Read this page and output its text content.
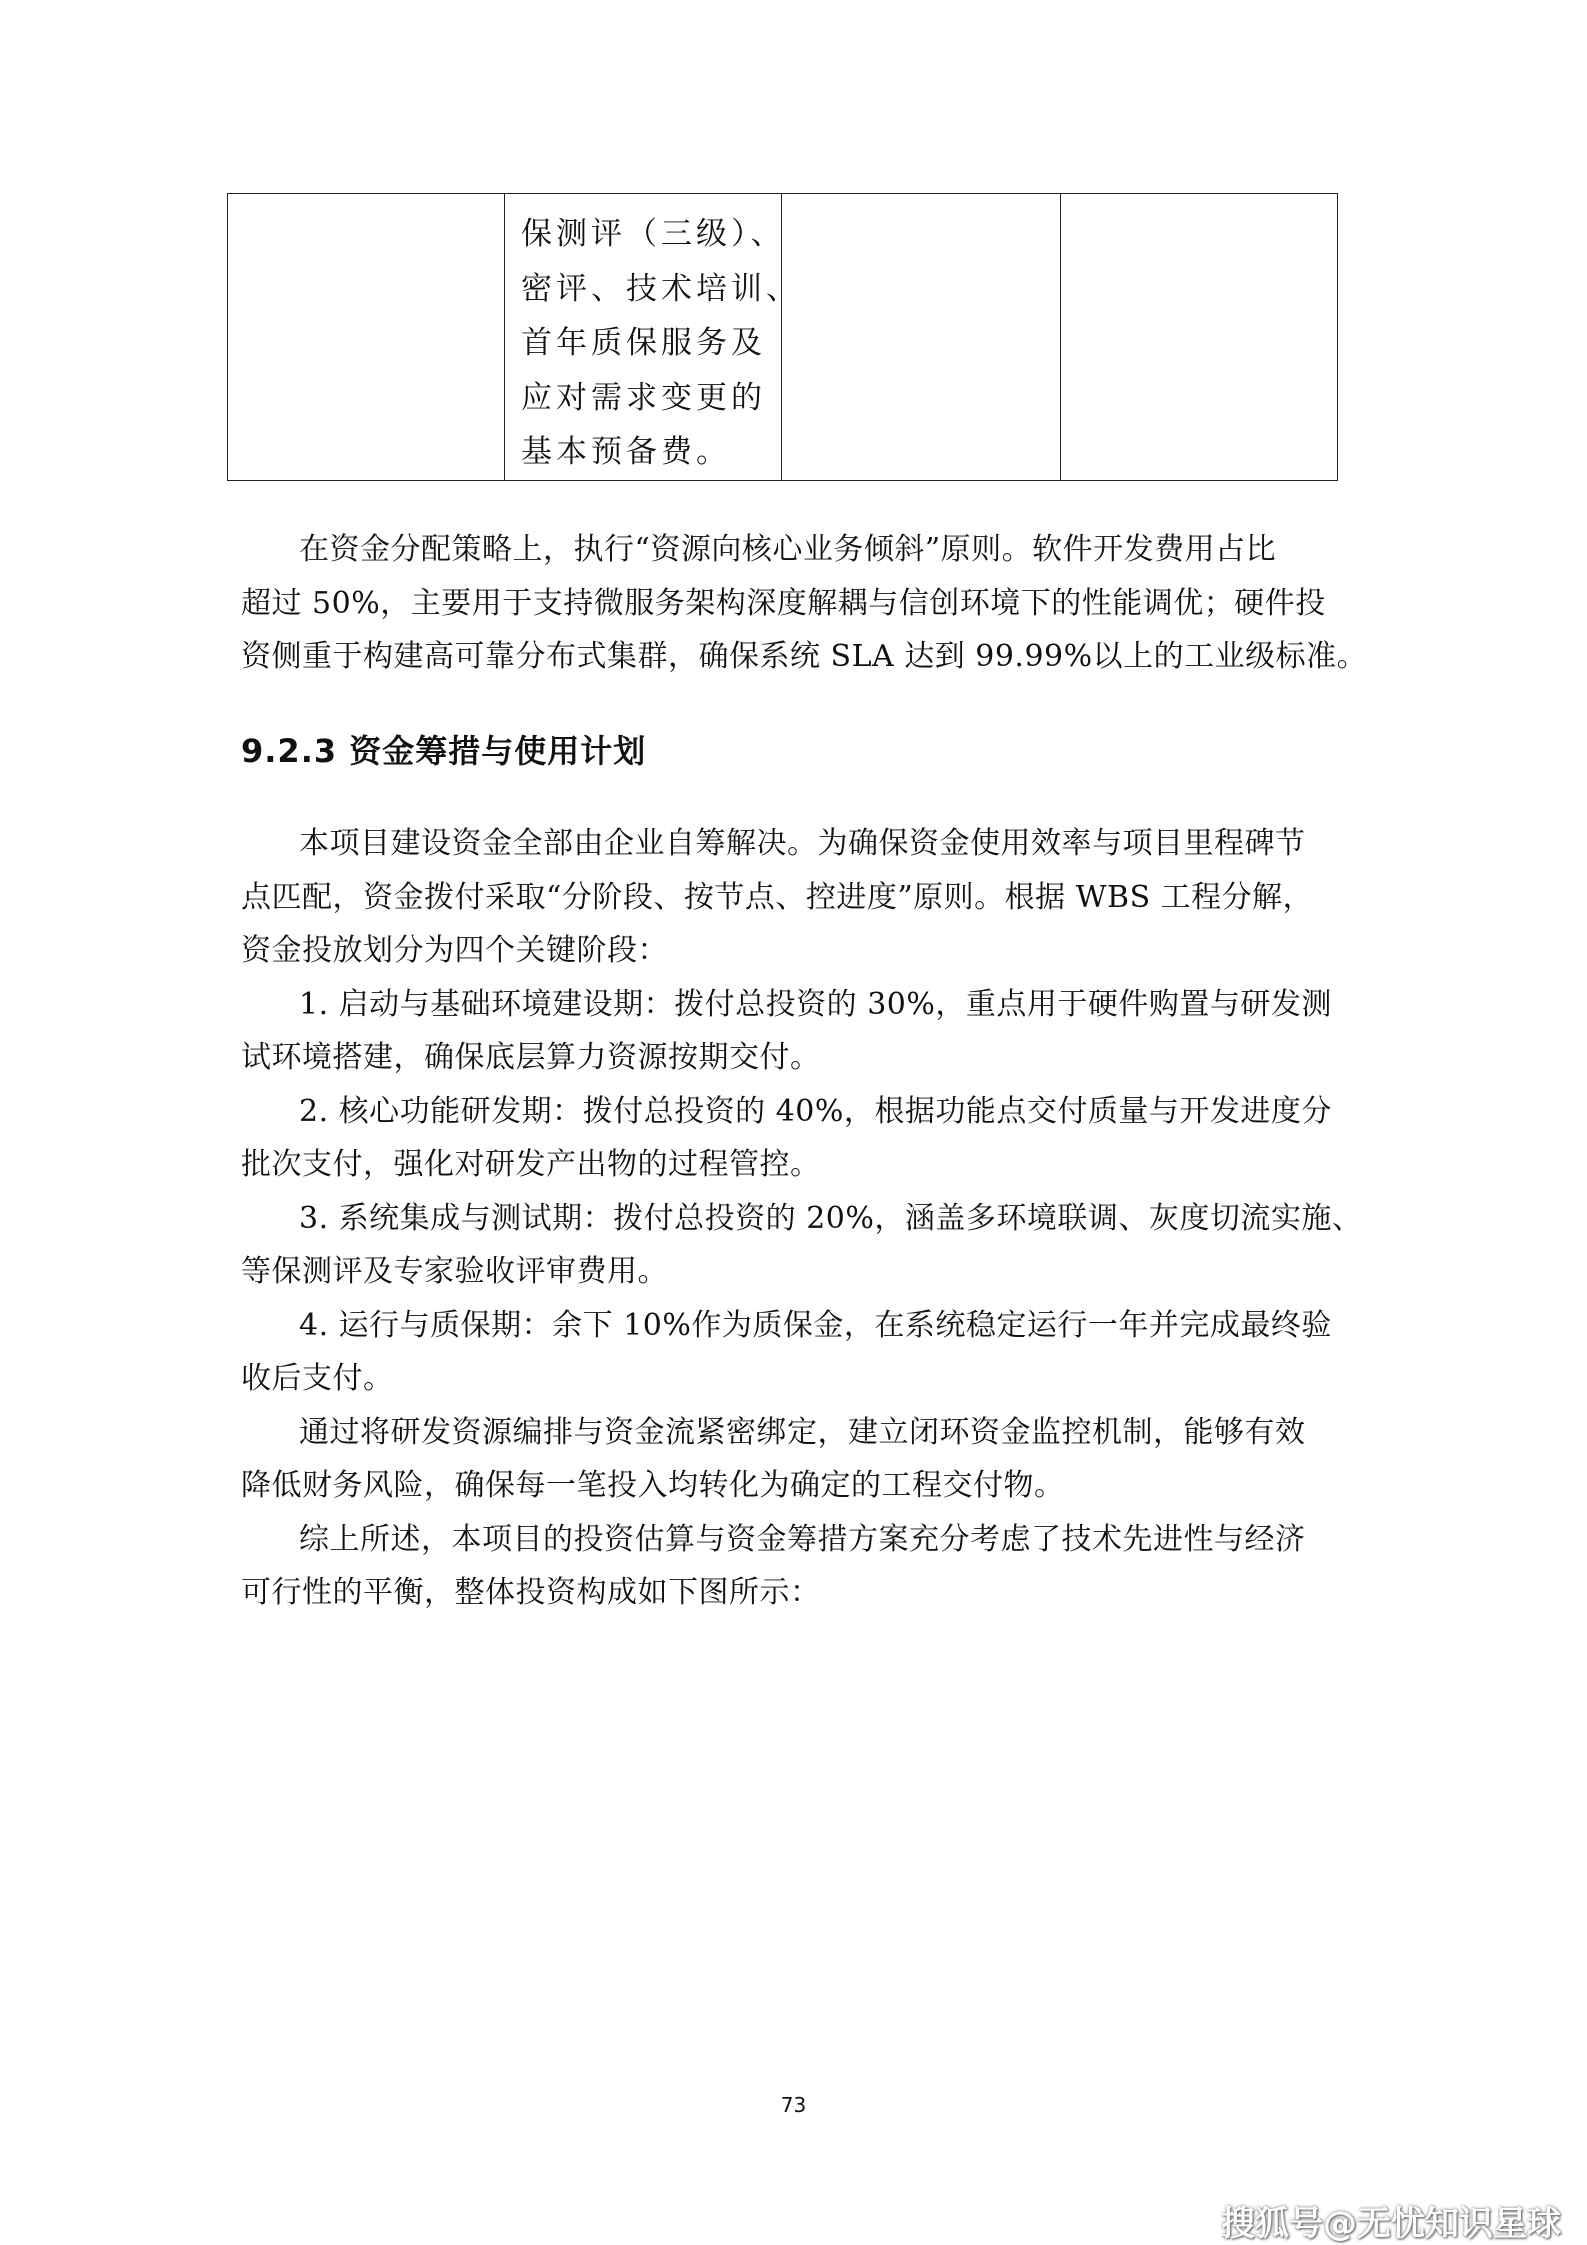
保测评（三级）、
密评、技术培训、
首年质保服务及
应对需求变更的
基本预备费。

在资金分配策略上，执行“资源向核心业务倾斜”原则。软件开发费用占比
超过 50%，主要用于支持微服务架构深度解耦与信创环境下的性能调优；硬件投
资侧重于构建高可靠分布式集群，确保系统 SLA 达到 99.99%以上的工业级标准。
9.2.3 资金筹措与使用计划
本项目建设资金全部由企业自筹解决。为确保资金使用效率与项目里程碑节
点匹配，资金拨付采取“分阶段、按节点、控进度”原则。根据 WBS 工程分解，
资金投放划分为四个关键阶段：
1. 启动与基础环境建设期：拨付总投资的 30%，重点用于硬件购置与研发测
试环境搭建，确保底层算力资源按期交付。
2. 核心功能研发期：拨付总投资的 40%，根据功能点交付质量与开发进度分
批次支付，强化对研发产出物的过程管控。
3. 系统集成与测试期：拨付总投资的 20%，涵盖多环境联调、灰度切流实施、
等保测评及专家验收评审费用。
4. 运行与质保期：余下 10%作为质保金，在系统稳定运行一年并完成最终验
收后支付。
通过将研发资源编排与资金流紧密绑定，建立闭环资金监控机制，能够有效
降低财务风险，确保每一笔投入均转化为确定的工程交付物。
综上所述，本项目的投资估算与资金筹措方案充分考虑了技术先进性与经济
可行性的平衡，整体投资构成如下图所示：
73
搜狐号@无忧知识星球
